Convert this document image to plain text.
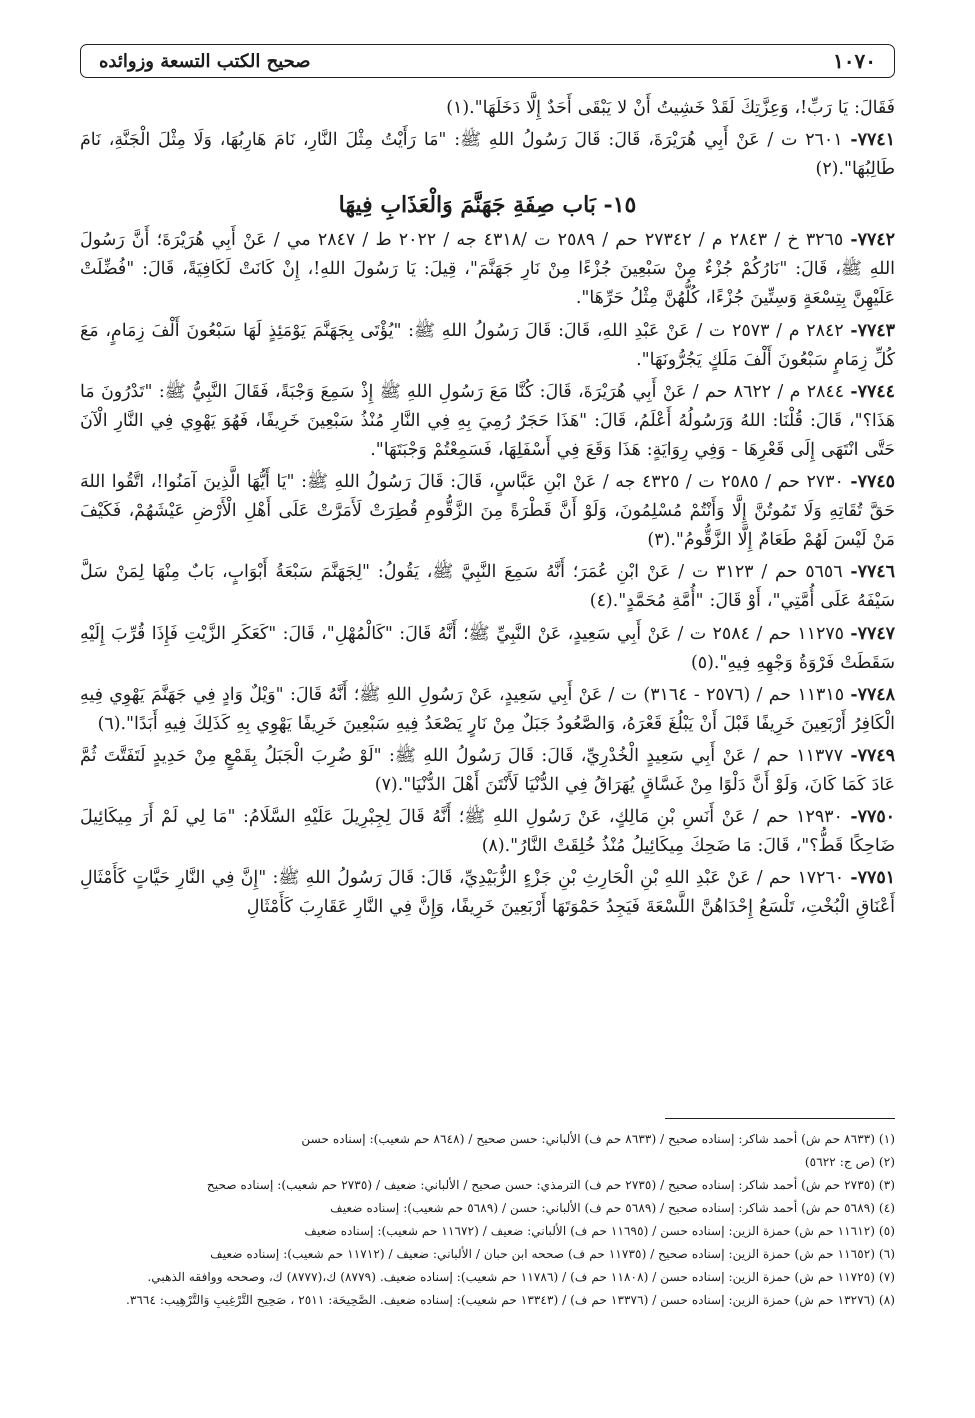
١٠٧٠
صحيح الكتب التسعة وزوائده

فَقَالَ: يَا رَبِّ!، وَعِزَّتِكَ لَقَدْ خَشِيتُ أَنْ لا يَبْقَى أَحَدٌ إِلَّا دَخَلَهَا".(١)

٧٧٤١- ٢٦٠١ ت / عَنْ أَبِي هُرَيْرَةَ، قَالَ: قَالَ رَسُولُ اللهِ ﷺ: "مَا رَأَيْتُ مِثْلَ النَّارِ، نَامَ هَارِبُهَا، وَلَا مِثْلَ الْجَنَّةِ، نَامَ طَالِبُهَا".(٢)

١٥- بَاب صِفَةِ جَهَنَّمَ وَالْعَذَابِ فِيهَا

٧٧٤٢- ٣٢٦٥ خ / ٢٨٤٣ م / ٢٧٣٤٢ حم / ٢٥٨٩ ت /٤٣١٨ جه / ٢٠٢٢ ط / ٢٨٤٧ مي / عَنْ أَبِي هُرَيْرَةَ؛ أَنَّ رَسُولَ اللهِ ﷺ، قَالَ: "نَارُكُمْ جُزْءٌ مِنْ سَبْعِينَ جُزْءًا مِنْ نَارِ جَهَنَّمَ"، قِيلَ: يَا رَسُولَ اللهِ!، إِنْ كَانَتْ لَكَافِيَةً، قَالَ: "فُضِّلَتْ عَلَيْهِنَّ بِتِسْعَةٍ وَسِتِّينَ جُزْءًا، كُلُّهُنَّ مِثْلُ حَرِّهَا".

٧٧٤٣- ٢٨٤٢ م / ٢٥٧٣ ت / عَنْ عَبْدِ اللهِ، قَالَ: قَالَ رَسُولُ اللهِ ﷺ: "يُؤْتَى بِجَهَنَّمَ يَوْمَئِذٍ لَهَا سَبْعُونَ أَلْفَ زِمَامٍ، مَعَ كُلِّ زِمَامٍ سَبْعُونَ أَلْفَ مَلَكٍ يَجُرُّونَهَا".

٧٧٤٤- ٢٨٤٤ م / ٨٦٢٢ حم / عَنْ أَبِي هُرَيْرَةَ، قَالَ: كُنَّا مَعَ رَسُولِ اللهِ ﷺ إِذْ سَمِعَ وَجْبَةً، فَقَالَ النَّبِيُّ ﷺ: "تَدْرُونَ مَا هَذَا؟"، قَالَ: قُلْنَا: اللهُ وَرَسُولُهُ أَعْلَمُ، قَالَ: "هَذَا حَجَرٌ رُمِيَ بِهِ فِي النَّارِ مُنْذُ سَبْعِينَ خَرِيفًا، فَهُوَ يَهْوِي فِي النَّارِ الْآنَ حَتَّى انْتَهَى إِلَى قَعْرِهَا - وَفِي رِوَايَةٍ: هَذَا وَقَعَ فِي أَسْفَلِهَا، فَسَمِعْتُمْ وَجْبَتَهَا".

٧٧٤٥- ٢٧٣٠ حم / ٢٥٨٥ ت / ٤٣٢٥ جه / عَنْ ابْنِ عَبَّاسٍ، قَالَ: قَالَ رَسُولُ اللهِ ﷺ: "يَا أَيُّهَا الَّذِينَ آمَنُوا!، اتَّقُوا اللهَ حَقَّ تُقَاتِهِ وَلَا تَمُوتُنَّ إِلَّا وَأَنْتُمْ مُسْلِمُونَ، وَلَوْ أَنَّ قَطْرَةً مِنَ الزَّقُّومِ قُطِرَتْ لَأَمَرَّتْ عَلَى أَهْلِ الْأَرْضِ عَيْشَهُمْ، فَكَيْفَ مَنْ لَيْسَ لَهُمْ طَعَامٌ إِلَّا الزَّقُّومُ".(٣)

٧٧٤٦- ٥٦٥٦ حم / ٣١٢٣ ت / عَنْ ابْنِ عُمَرَ؛ أَنَّهُ سَمِعَ النَّبِيَّ ﷺ، يَقُولُ: "لِجَهَنَّمَ سَبْعَةُ أَبْوَابٍ، بَابٌ مِنْهَا لِمَنْ سَلَّ سَيْفَهُ عَلَى أُمَّتِي"، أَوْ قَالَ: "أُمَّةِ مُحَمَّدٍ".(٤)

٧٧٤٧- ١١٢٧٥ حم / ٢٥٨٤ ت / عَنْ أَبِي سَعِيدٍ، عَنْ النَّبِيِّ ﷺ؛ أَنَّهُ قَالَ: "كَالْمُهْلِ"، قَالَ: "كَعَكَرِ الزَّيْتِ فَإِذَا قُرِّبَ إِلَيْهِ سَقَطَتْ فَرْوَةُ وَجْهِهِ فِيهِ".(٥)

٧٧٤٨- ١١٣١٥ حم / (٢٥٧٦ - ٣١٦٤) ت / عَنْ أَبِي سَعِيدٍ، عَنْ رَسُولِ اللهِ ﷺ؛ أَنَّهُ قَالَ: "وَيْلٌ وَادٍ فِي جَهَنَّمَ يَهْوِي فِيهِ الْكَافِرُ أَرْبَعِينَ خَرِيفًا قَبْلَ أَنْ يَبْلُغَ قَعْرَهُ، وَالصَّعُودُ جَبَلٌ مِنْ نَارٍ يَصْعَدُ فِيهِ سَبْعِينَ خَرِيفًا يَهْوِي بِهِ كَذَلِكَ فِيهِ أَبَدًا".(٦)

٧٧٤٩- ١١٣٧٧ حم / عَنْ أَبِي سَعِيدٍ الْخُدْرِيِّ، قَالَ: قَالَ رَسُولُ اللهِ ﷺ: "لَوْ ضُرِبَ الْجَبَلُ بِقَمْعٍ مِنْ حَدِيدٍ لَتَفَتَّتَ ثُمَّ عَادَ كَمَا كَانَ، وَلَوْ أَنَّ دَلْوًا مِنْ غَسَّاقٍ يُهَرَاقُ فِي الدُّنْيَا لَأَنْتَنَ أَهْلَ الدُّنْيَا".(٧)

٧٧٥٠- ١٢٩٣٠ حم / عَنْ أَنَسِ بْنِ مَالِكٍ، عَنْ رَسُولِ اللهِ ﷺ؛ أَنَّهُ قَالَ لِجِبْرِيلَ عَلَيْهِ السَّلَامُ: "مَا لِي لَمْ أَرَ مِيكَائِيلَ ضَاحِكًا قَطُّ؟"، قَالَ: مَا ضَحِكَ مِيكَائِيلُ مُنْذُ خُلِقَتْ النَّارُ".(٨)

٧٧٥١- ١٧٢٦٠ حم / عَنْ عَبْدِ اللهِ بْنِ الْحَارِثِ بْنِ جَزْءٍ الزُّبَيْدِيِّ، قَالَ: قَالَ رَسُولُ اللهِ ﷺ: "إِنَّ فِي النَّارِ حَيَّاتٍ كَأَمْثَالِ أَعْنَاقِ الْبُخْتِ، تَلْسَعُ إِحْدَاهُنَّ اللَّسْعَةَ فَيَجِدُ حَمْوَتَهَا أَرْبَعِينَ خَرِيفًا، وَإِنَّ فِي النَّارِ عَقَارِبَ كَأَمْثَالِ

(١) (٨٦٣٣ حم ش) أحمد شاكر: إسناده صحيح / (٨٦٣٣ حم ف) الألباني: حسن صحيح / (٨٦٤٨ حم شعيب): إسناده حسن

(٢) (ص ج: ٥٦٢٢)

(٣) (٢٧٣٥ حم ش) أحمد شاكر: إسناده صحيح / (٢٧٣٥ حم ف) الترمذي: حسن صحيح / الألباني: ضعيف / (٢٧٣٥ حم شعيب): إسناده صحيح

(٤) (٥٦٨٩ حم ش) أحمد شاكر: إسناده صحيح / (٥٦٨٩ حم ف) الألباني: حسن / (٥٦٨٩ حم شعيب): إسناده ضعيف

(٥) (١١٦١٢ حم ش) حمزة الزين: إسناده حسن / (١١٦٩٥ حم ف) الألباني: ضعيف / (١١٦٧٢ حم شعيب): إسناده ضعيف

(٦) (١١٦٥٢ حم ش) حمزة الزين: إسناده صحيح / (١١٧٣٥ حم ف) صححه ابن حبان / الألباني: ضعيف / (١١٧١٢ حم شعيب): إسناده ضعيف

(٧) (١١٧٢٥ حم ش) حمزة الزين: إسناده حسن / (١١٨٠٨ حم ف) / (١١٧٨٦ حم شعيب): إسناده ضعيف. (٨٧٧٩) ك،(٨٧٧٧) ك، وصححه ووافقه الذهبي.

(٨) (١٣٢٧٦ حم ش) حمزة الزين: إسناده حسن / (١٣٣٧٦ حم ف) / (١٣٣٤٣ حم شعيب): إسناده ضعيف. الصَّحِيحَة: ٢٥١١ ، صَحِيح التَّرْغِيبِ وَالتَّرْهِيب: ٣٦٦٤.
